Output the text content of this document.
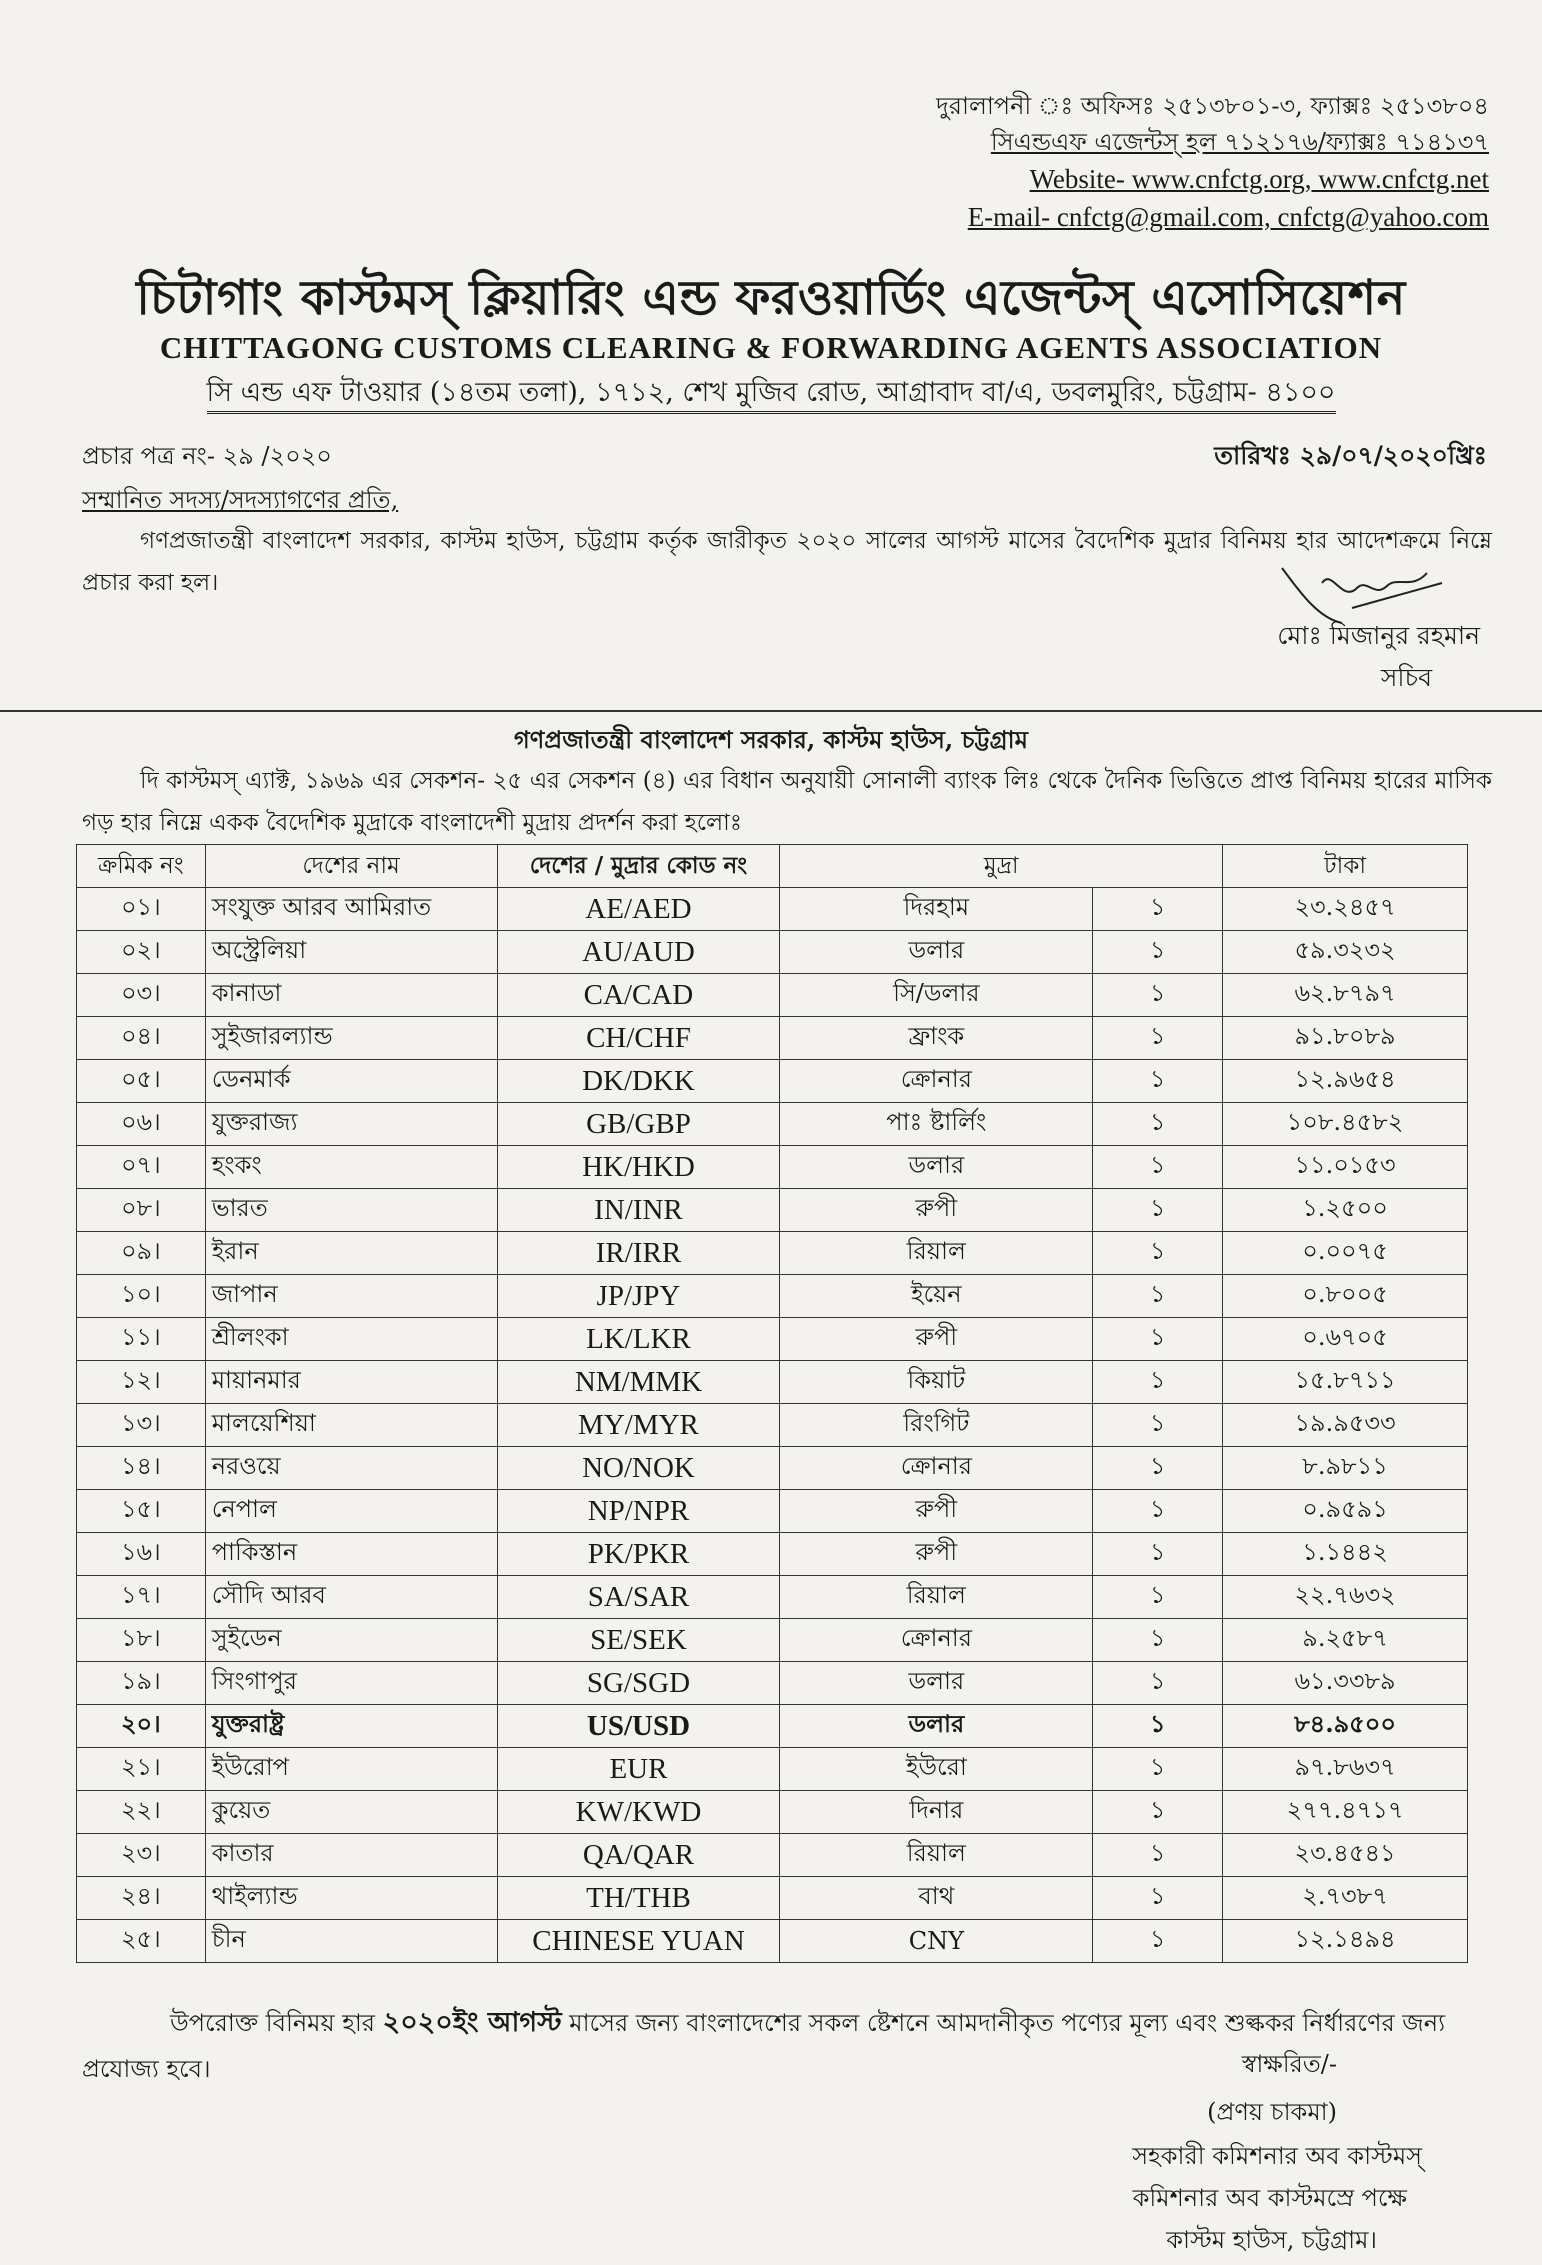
দুরালাপনী ঃ অফিসঃ ২৫১৩৮০১-৩, ফ্যাক্সঃ ২৫১৩৮০৪
সিএন্ডএফ এজেন্টস্ হল ৭১২১৭৬/ফ্যাক্সঃ ৭১৪১৩৭
Website- www.cnfctg.org, www.cnfctg.net
E-mail- cnfctg@gmail.com, cnfctg@yahoo.com
চিটাগাং কাস্টমস্ ক্লিয়ারিং এন্ড ফরওয়ার্ডিং এজেন্টস্ এসোসিয়েশন
CHITTAGONG CUSTOMS CLEARING & FORWARDING AGENTS ASSOCIATION
সি এন্ড এফ টাওয়ার (১৪তম তলা), ১৭১২, শেখ মুজিব রোড, আগ্রাবাদ বা/এ, ডবলমুরিং, চট্টগ্রাম- ৪১০০
প্রচার পত্র নং- ২৯ /২০২০	তারিখঃ ২৯/০৭/২০২০খ্রিঃ
সম্মানিত সদস্য/সদস্যাগণের প্রতি,
গণপ্রজাতন্ত্রী বাংলাদেশ সরকার, কাস্টম হাউস, চট্টগ্রাম কর্তৃক জারীকৃত ২০২০ সালের আগস্ট মাসের বৈদেশিক মুদ্রার বিনিময় হার আদেশক্রমে নিম্নে প্রচার করা হল।
মোঃ মিজানুর রহমান
সচিব
গণপ্রজাতন্ত্রী বাংলাদেশ সরকার, কাস্টম হাউস, চট্টগ্রাম
দি কাস্টমস্ এ্যাক্ট, ১৯৬৯ এর সেকশন- ২৫ এর সেকশন (৪) এর বিধান অনুযায়ী সোনালী ব্যাংক লিঃ থেকে দৈনিক ভিত্তিতে প্রাপ্ত বিনিময় হারের মাসিক গড় হার নিম্নে একক বৈদেশিক মুদ্রাকে বাংলাদেশী মুদ্রায় প্রদর্শন করা হলোঃ
ক্রমিক নং	দেশের নাম	দেশের / মুদ্রার কোড নং	মুদ্রা		টাকা
০১।	সংযুক্ত আরব আমিরাত	AE/AED	দিরহাম	১	২৩.২৪৫৭
০২।	অস্ট্রেলিয়া	AU/AUD	ডলার	১	৫৯.৩২৩২
০৩।	কানাডা	CA/CAD	সি/ডলার	১	৬২.৮৭৯৭
০৪।	সুইজারল্যান্ড	CH/CHF	ফ্রাংক	১	৯১.৮০৮৯
০৫।	ডেনমার্ক	DK/DKK	ক্রোনার	১	১২.৯৬৫৪
০৬।	যুক্তরাজ্য	GB/GBP	পাঃ ষ্টার্লিং	১	১০৮.৪৫৮২
০৭।	হংকং	HK/HKD	ডলার	১	১১.০১৫৩
০৮।	ভারত	IN/INR	রুপী	১	১.২৫০০
০৯।	ইরান	IR/IRR	রিয়াল	১	০.০০৭৫
১০।	জাপান	JP/JPY	ইয়েন	১	০.৮০০৫
১১।	শ্রীলংকা	LK/LKR	রুপী	১	০.৬৭০৫
১২।	মায়ানমার	NM/MMK	কিয়াট	১	১৫.৮৭১১
১৩।	মালয়েশিয়া	MY/MYR	রিংগিট	১	১৯.৯৫৩৩
১৪।	নরওয়ে	NO/NOK	ক্রোনার	১	৮.৯৮১১
১৫।	নেপাল	NP/NPR	রুপী	১	০.৯৫৯১
১৬।	পাকিস্তান	PK/PKR	রুপী	১	১.১৪৪২
১৭।	সৌদি আরব	SA/SAR	রিয়াল	১	২২.৭৬৩২
১৮।	সুইডেন	SE/SEK	ক্রোনার	১	৯.২৫৮৭
১৯।	সিংগাপুর	SG/SGD	ডলার	১	৬১.৩৩৮৯
২০।	যুক্তরাষ্ট্র	US/USD	ডলার	১	৮৪.৯৫০০
২১।	ইউরোপ	EUR	ইউরো	১	৯৭.৮৬৩৭
২২।	কুয়েত	KW/KWD	দিনার	১	২৭৭.৪৭১৭
২৩।	কাতার	QA/QAR	রিয়াল	১	২৩.৪৫৪১
২৪।	থাইল্যান্ড	TH/THB	বাথ	১	২.৭৩৮৭
২৫।	চীন	CHINESE YUAN	CNY	১	১২.১৪৯৪
উপরোক্ত বিনিময় হার ২০২০ইং আগস্ট মাসের জন্য বাংলাদেশের সকল ষ্টেশনে আমদানীকৃত পণ্যের মূল্য এবং শুল্ককর নির্ধারণের জন্য প্রযোজ্য হবে।	স্বাক্ষরিত/-
(প্রণয় চাকমা)
সহকারী কমিশনার অব কাস্টমস্
কমিশনার অব কাস্টমস্রে পক্ষে
কাস্টম হাউস, চট্টগ্রাম।
